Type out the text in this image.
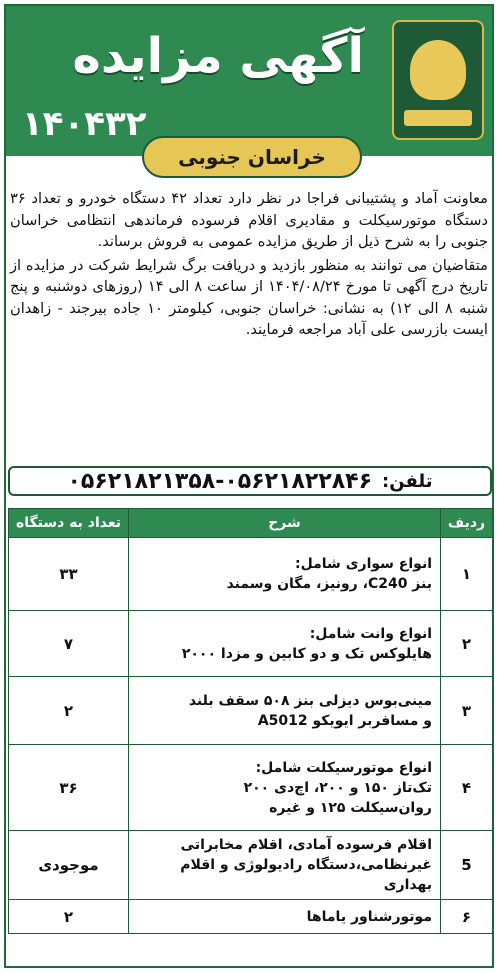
آگهی مزایده
۱۴۰۴۳۲
خراسان جنوبی

معاونت آماد و پشتیبانی فراجا در نظر دارد تعداد ۴۲ دستگاه خودرو و تعداد ۳۶ دستگاه موتورسیکلت و مقادیری اقلام فرسوده فرماندهی انتظامی خراسان جنوبی را به شرح ذیل از طریق مزایده عمومی به فروش برساند.

متقاضیان می توانند به منظور بازدید و دریافت برگ شرایط شرکت در مزایده از تاریخ درج آگهی تا مورخ ۱۴۰۴/۰۸/۲۴ از ساعت ۸ الی ۱۴ (روزهای دوشنبه و پنج شنبه ۸ الی ۱۲) به نشانی: خراسان جنوبی، کیلومتر ۱۰ جاده بیرجند - زاهدان ایست بازرسی علی آباد مراجعه فرمایند.

تلفن:
۰۵۶۲۱۸۲۱۳۵۸-۰۵۶۲۱۸۲۲۸۴۶
ردیف	شرح	تعداد به دستگاه
۱	انواع سواری شامل:
بنز C240، رونیز، مگان وسمند	۳۳
۲	انواع وانت شامل:
هایلوکس تک و دو کابین و مزدا ۲۰۰۰	۷
۳	مینی‌بوس دیزلی بنز ۵۰۸ سقف بلند
و مسافربر ایویکو A5012	۲
۴	انواع موتورسیکلت شامل:
تک‌تاز ۱۵۰ و ۲۰۰، اچ‌دی ۲۰۰
روان‌سیکلت ۱۲۵ و غیره	۳۶
5	اقلام فرسوده آمادی، اقلام مخابراتی
غیرنظامی،دستگاه رادیولوژی و اقلام بهداری	موجودی
۶	موتورشناور یاماها	۲
